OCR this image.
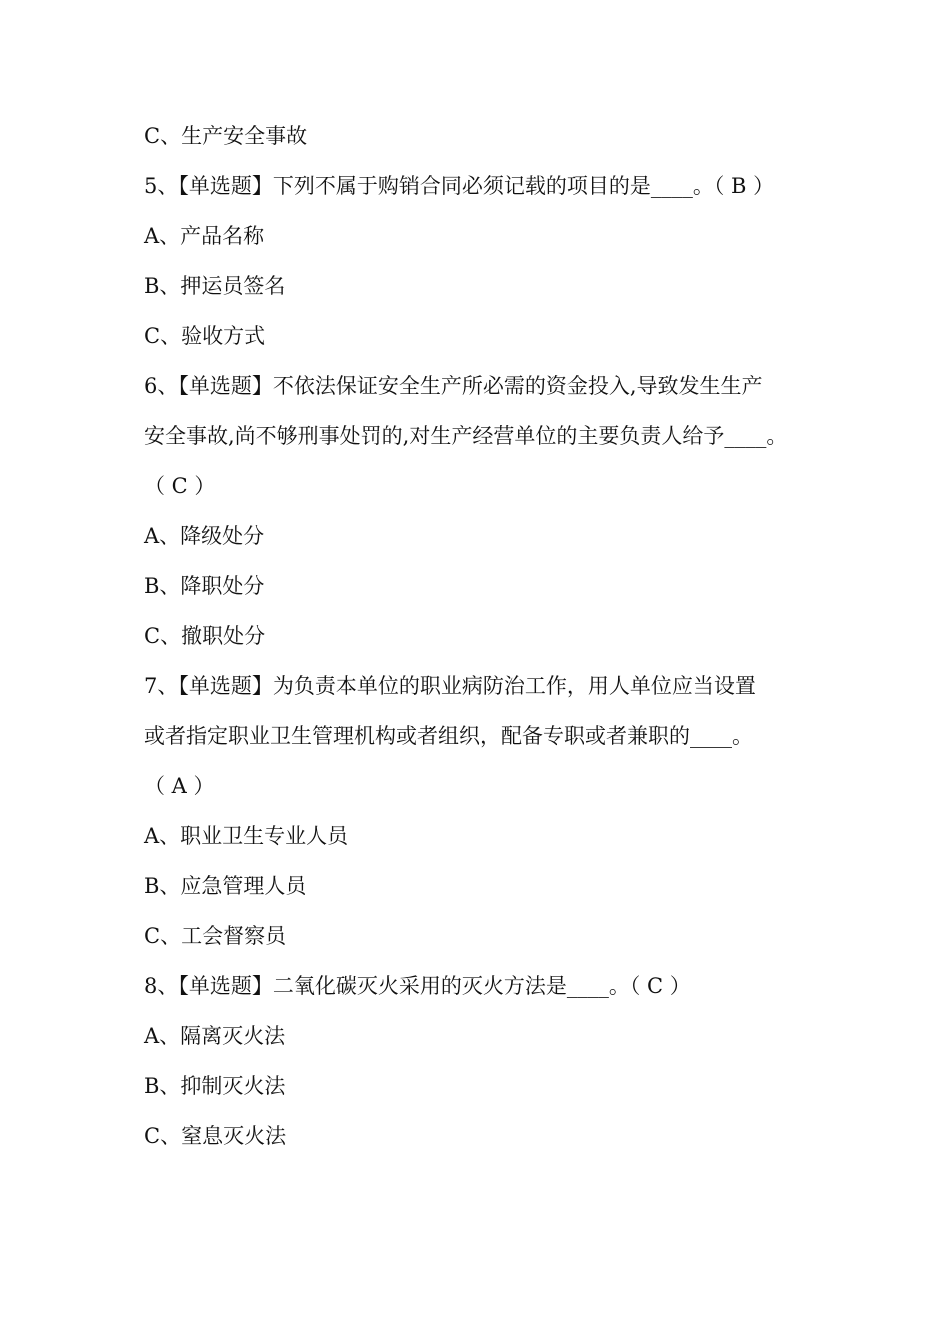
C、生产安全事故

5、【单选题】下列不属于购销合同必须记载的项目的是____。（ B ）

A、产品名称

B、押运员签名

C、验收方式

6、【单选题】不依法保证安全生产所必需的资金投入,导致发生生产

安全事故,尚不够刑事处罚的,对生产经营单位的主要负责人给予____。

（ C ）

A、降级处分

B、降职处分

C、撤职处分

7、【单选题】为负责本单位的职业病防治工作，用人单位应当设置

或者指定职业卫生管理机构或者组织，配备专职或者兼职的____。

（ A ）

A、职业卫生专业人员

B、应急管理人员

C、工会督察员

8、【单选题】二氧化碳灭火采用的灭火方法是____。（ C ）

A、隔离灭火法

B、抑制灭火法

C、窒息灭火法
